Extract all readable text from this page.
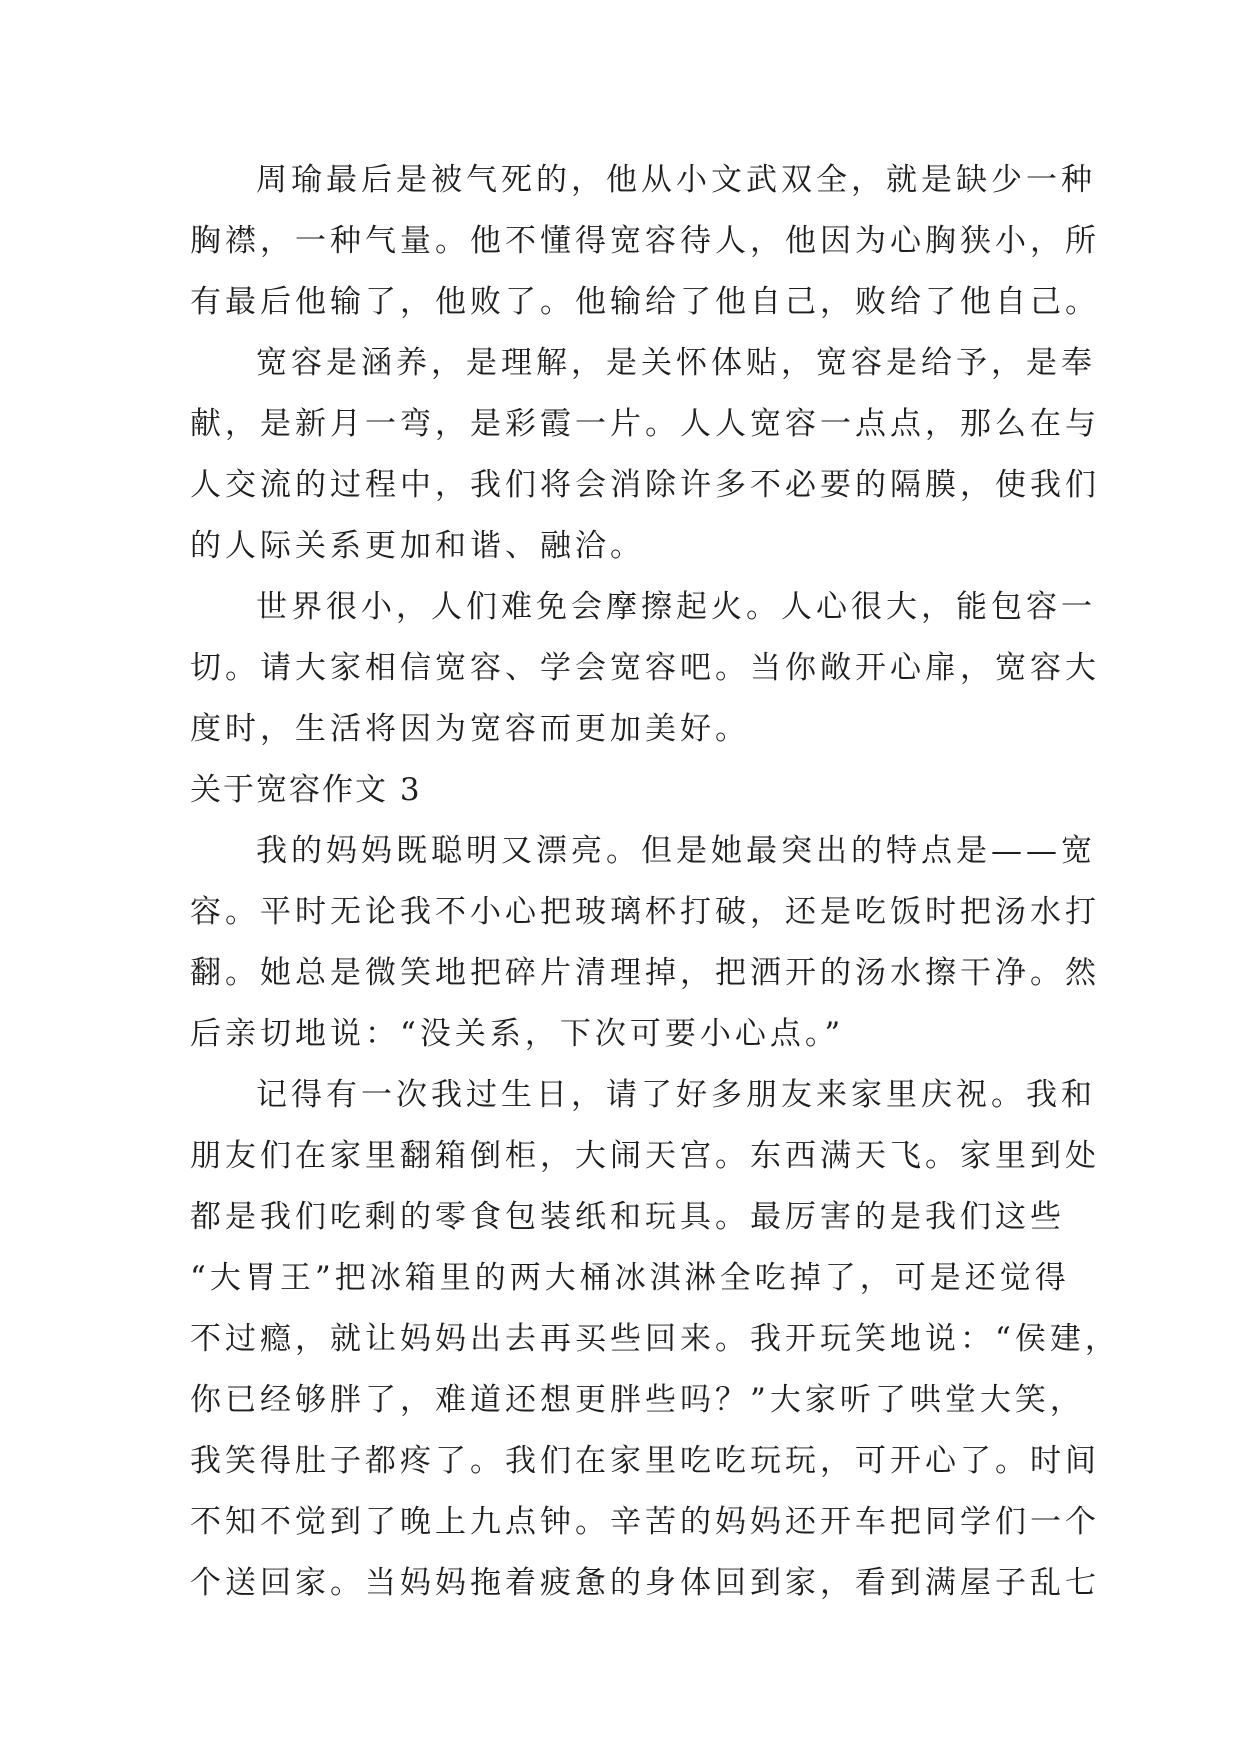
周瑜最后是被气死的，他从小文武双全，就是缺少一种
胸襟，一种气量。他不懂得宽容待人，他因为心胸狭小，所
有最后他输了，他败了。他输给了他自己，败给了他自己。
宽容是涵养，是理解，是关怀体贴，宽容是给予，是奉
献，是新月一弯，是彩霞一片。人人宽容一点点，那么在与
人交流的过程中，我们将会消除许多不必要的隔膜，使我们
的人际关系更加和谐、融洽。
世界很小，人们难免会摩擦起火。人心很大，能包容一
切。请大家相信宽容、学会宽容吧。当你敞开心扉，宽容大
度时，生活将因为宽容而更加美好。
关于宽容作文 3
我的妈妈既聪明又漂亮。但是她最突出的特点是——宽
容。平时无论我不小心把玻璃杯打破，还是吃饭时把汤水打
翻。她总是微笑地把碎片清理掉，把洒开的汤水擦干净。然
后亲切地说：“没关系，下次可要小心点。”
记得有一次我过生日，请了好多朋友来家里庆祝。我和
朋友们在家里翻箱倒柜，大闹天宫。东西满天飞。家里到处
都是我们吃剩的零食包装纸和玩具。最厉害的是我们这些
“大胃王”把冰箱里的两大桶冰淇淋全吃掉了，可是还觉得
不过瘾，就让妈妈出去再买些回来。我开玩笑地说：“侯建，
你已经够胖了，难道还想更胖些吗？”大家听了哄堂大笑，
我笑得肚子都疼了。我们在家里吃吃玩玩，可开心了。时间
不知不觉到了晚上九点钟。辛苦的妈妈还开车把同学们一个
个送回家。当妈妈拖着疲惫的身体回到家，看到满屋子乱七
